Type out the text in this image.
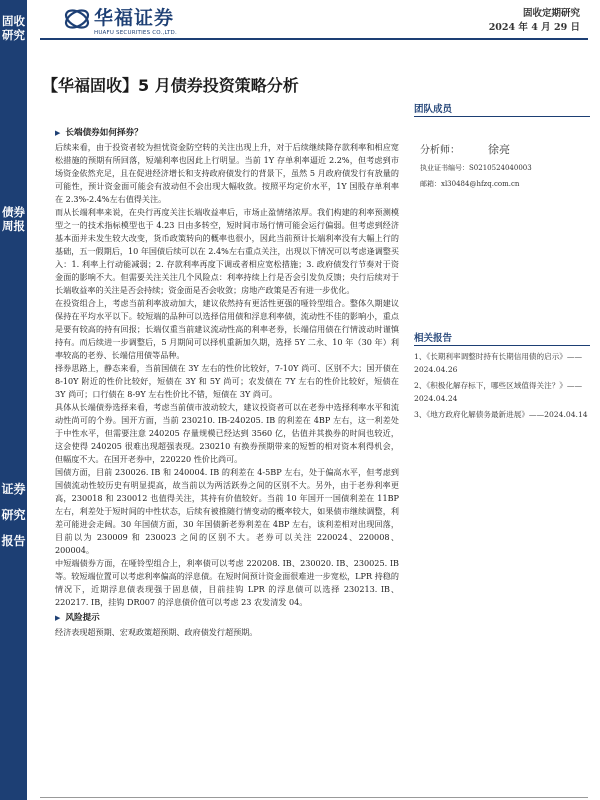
固收研究
债券周报
证券研究报告
华福证券
HUAFU SECURITIES CO.,LTD.
固收定期研究
2024 年 4 月 29 日
【华福固收】5 月债券投资策略分析
团队成员
分析师：	徐亮
执业证书编号：S0210524040003
邮箱：xl30484@hfzq.com.cn
相关报告
1、《长期利率调整时持有长期信用债的启示》——2024.04.26
2、《积极化解存标下，哪些区域值得关注？》——2024.04.24
3、《地方政府化解债务最新进展》——2024.04.14
▶ 长端债券如何择券？

后续来看，由于投资者较为担忧资金防空转的关注出现上升，对于后续继续降存款利率和相应宽松措施的预期有所回落，短端利率也因此上行明显。当前 1Y 存单利率逼近 2.2%，但考虑到市场资金依然充足，且在促进经济增长和支持政府债发行的背景下，虽然 5 月政府债发行有放量的可能性，预计资金面可能会有波动但不会出现大幅收敛。按照平均定价水平，1Y 国股存单利率在 2.3%-2.4%左右值得关注。

而从长端利率来说，在央行再度关注长端收益率后，市场止盈情绪浓厚。我们构建的利率预测模型之一的技术指标模型也于 4.23 日由多转空，短时间市场行情可能会运行偏弱。但考虑到经济基本面并未发生较大改变，货币政策转向的概率也很小，因此当前预计长端利率没有大幅上行的基础，五一假期后，10 年国债后续可以在 2.4%左右重点关注，出现以下情况可以考虑逢调整买入：1. 利率上行动能减弱；2. 存款利率再度下调或者相应宽松措施；3. 政府债发行节奏对于资金面的影响不大。但需要关注关注几个风险点：利率持续上行是否会引发负反馈；央行后续对于长端收益率的关注是否会持续；资金面是否会收敛；房地产政策是否有进一步优化。

在投资组合上，考虑当前利率波动加大，建议依然持有更活性更强的哑铃型组合。整体久期建议保持在平均水平以下。较短端的品种可以选择信用债和浮息利率债，流动性不佳的影响小，重点是要有较高的持有回报；长端仅重当前建议流动性高的利率老券，长端信用债在行情波动时谨慎持有。而后续进一步调整后，5 月期间可以择机重新加久期，选择 5Y 二永、10 年（30 年）利率较高的老券、长端信用债等品种。

择券思路上，静态来看，当前国债在 3Y 左右的性价比较好，7-10Y 尚可、区别不大；国开债在 8-10Y 附近的性价比较好，短债在 3Y 和 5Y 尚可；农发债在 7Y 左右的性价比较好，短债在 3Y 尚可；口行债在 8-9Y 左右性价比不错，短债在 3Y 尚可。

具体从长端债券选择来看，考虑当前债市波动较大，建议投资者可以在老券中选择利率水平和流动性尚可的个券。国开方面，当前 230210. IB-240205. IB 的利差在 4BP 左右，这一利差处于中性水平，但需要注意 240205 存量规模已经达到 3560 亿，估值并其换券的时间也较近，这会使得 240205 很难出现超强表现。230210 有换券预期带来的短暂的相对资本利得机会，但幅度不大。在国开老券中，220220 性价比尚可。

国债方面，目前 230026. IB 和 240004. IB 的利差在 4-5BP 左右，处于偏高水平，但考虑到国债流动性较历史有明显提高，故当前以为两活跃券之间的区别不大。另外，由于老券利率更高，230018 和 230012 也值得关注，其持有价值较好。当前 10 年国开一国债利差在 11BP 左右，利差处于短时间的中性状态，后续有被推随行情变动的概率较大，如果债市继续调整，利差可能进会走阔。30 年国债方面，30 年国债新老券利差在 4BP 左右，该利差相对出现回落，目前以为 230009 和 230023 之间的区别不大。老券可以关注 220024、220008、200004。

中短端债券方面，在哑铃型组合上，利率债可以考虑 220208. IB、230020. IB、230025. IB 等。较短端位置可以考虑利率偏高的浮息债。在短时间预计资金面很难进一步宽松，LPR 持稳的情况下，近期浮息债表现强于固息债，目前挂钩 LPR 的浮息债可以选择 230213. IB、220217. IB，挂钩 DR007 的浮息债价值可以考虑 23 农发清发 04。

▶ 风险提示

经济表现超预期、宏观政策超预期、政府债发行超预期。
